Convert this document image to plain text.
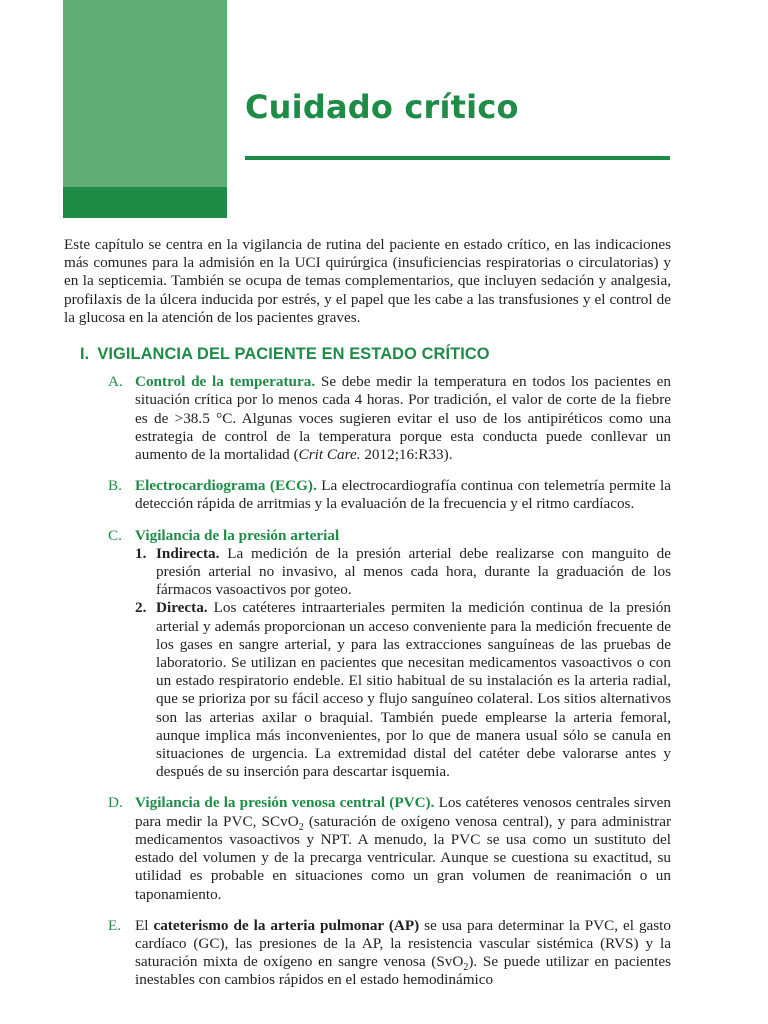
Cuidado crítico

Este capítulo se centra en la vigilancia de rutina del paciente en estado crítico, en las indicaciones más comunes para la admisión en la UCI quirúrgica (insuficiencias respiratorias o circulatorias) y en la septicemia. También se ocupa de temas complementarios, que incluyen sedación y analgesia, profilaxis de la úlcera inducida por estrés, y el papel que les cabe a las transfusiones y el control de la glucosa en la atención de los pacientes graves.

I. VIGILANCIA DEL PACIENTE EN ESTADO CRÍTICO
A. Control de la temperatura. Se debe medir la temperatura en todos los pacientes en situación crítica por lo menos cada 4 horas. Por tradición, el valor de corte de la fiebre es de >38.5 °C. Algunas voces sugieren evitar el uso de los antipiréticos como una estrategia de control de la temperatura porque esta conducta puede conllevar un aumento de la mortalidad (Crit Care. 2012;16:R33).

B. Electrocardiograma (ECG). La electrocardiografía continua con telemetría permite la detección rápida de arritmias y la evaluación de la frecuencia y el ritmo cardíacos.

C. Vigilancia de la presión arterial

1. Indirecta. La medición de la presión arterial debe realizarse con manguito de presión arterial no invasivo, al menos cada hora, durante la graduación de los fármacos vasoactivos por goteo.

2. Directa. Los catéteres intraarteriales permiten la medición continua de la presión arterial y además proporcionan un acceso conveniente para la medición frecuente de los gases en sangre arterial, y para las extracciones sanguíneas de las pruebas de laboratorio. Se utilizan en pacientes que necesitan medicamentos vasoactivos o con un estado respiratorio endeble. El sitio habitual de su instalación es la arteria radial, que se prioriza por su fácil acceso y flujo sanguíneo colateral. Los sitios alternativos son las arterias axilar o braquial. También puede emplearse la arteria femoral, aunque implica más inconvenientes, por lo que de manera usual sólo se canula en situaciones de urgencia. La extremidad distal del catéter debe valorarse antes y después de su inserción para descartar isquemia.

D. Vigilancia de la presión venosa central (PVC). Los catéteres venosos centrales sirven para medir la PVC, SCvO$_2$ (saturación de oxígeno venosa central), y para administrar medicamentos vasoactivos y NPT. A menudo, la PVC se usa como un sustituto del estado del volumen y de la precarga ventricular. Aunque se cuestiona su exactitud, su utilidad es probable en situaciones como un gran volumen de reanimación o un taponamiento.

E. El cateterismo de la arteria pulmonar (AP) se usa para determinar la PVC, el gasto cardíaco (GC), las presiones de la AP, la resistencia vascular sistémica (RVS) y la saturación mixta de oxígeno en sangre venosa (SvO$_2$). Se puede utilizar en pacientes inestables con cambios rápidos en el estado hemodinámico
